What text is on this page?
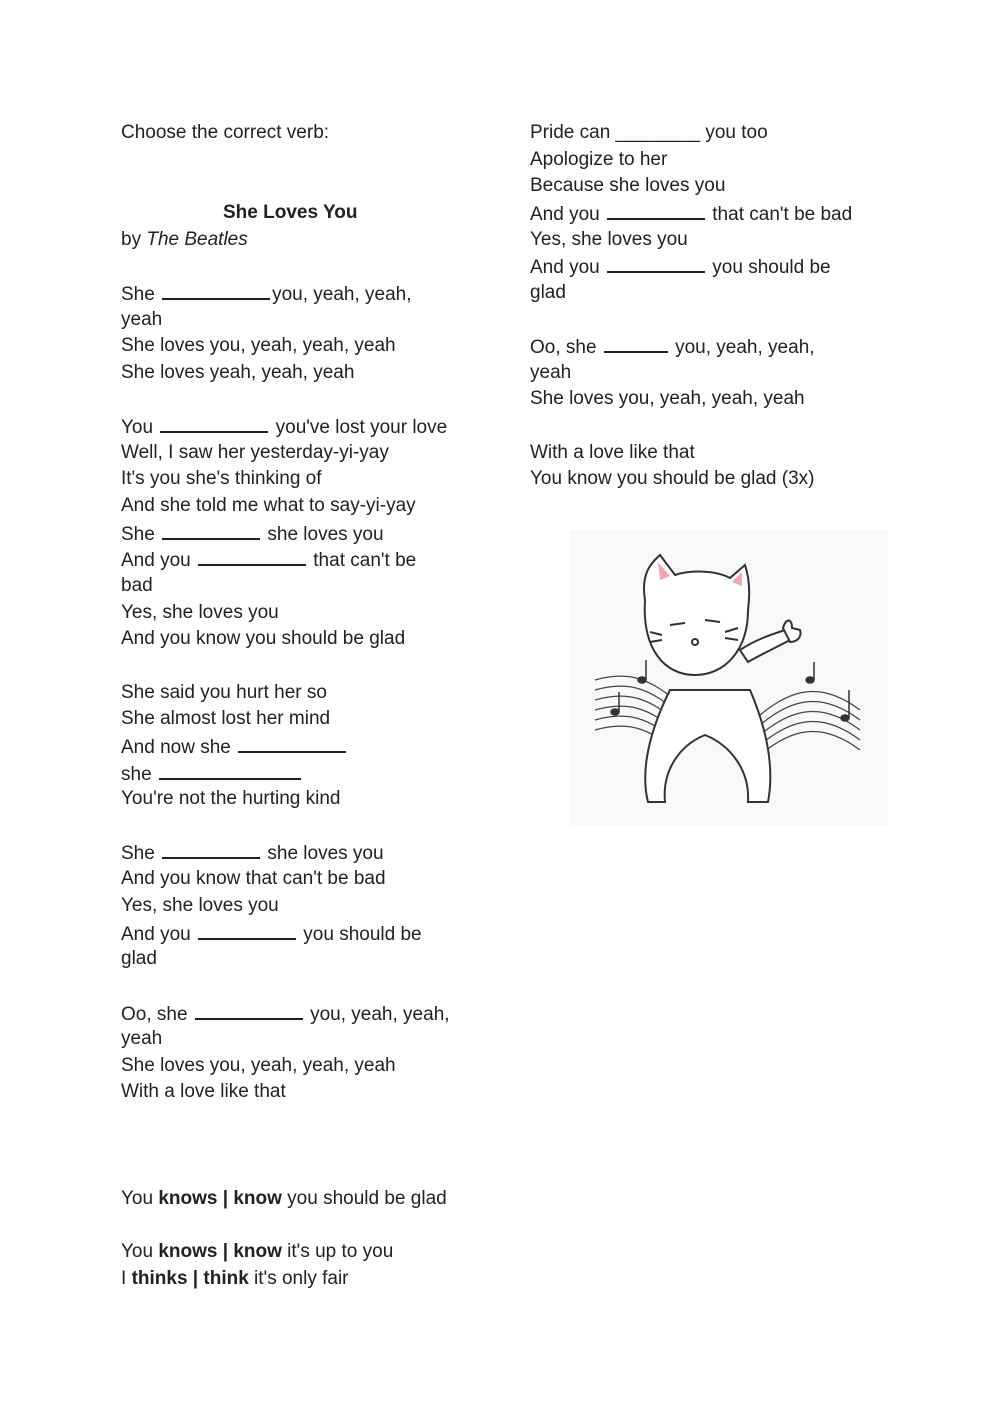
Choose the correct verb:
She Loves You
by The Beatles
She	you, yeah, yeah,
yeah
She loves you, yeah, yeah, yeah
She loves yeah, yeah, yeah
You	you've lost your love
Well, I saw her yesterday-yi-yay
It's you she's thinking of
And she told me what to say-yi-yay
She	she loves you
And you	that can't be
bad
Yes, she loves you
And you know you should be glad
She said you hurt her so
She almost lost her mind
And now she
she
You're not the hurting kind
She	she loves you
And you know that can't be bad
Yes, she loves you
And you	you should be
glad
Oo, she	you, yeah, yeah,
yeah
She loves you, yeah, yeah, yeah
With a love like that
You knows | know you should be glad
You knows | know it's up to you
I thinks | think it's only fair
Pride can ________ you too
Apologize to her
Because she loves you
And you	that can't be bad
Yes, she loves you
And you	you should be
glad
Oo, she	you, yeah, yeah,
yeah
She loves you, yeah, yeah, yeah
With a love like that
You know you should be glad (3x)
